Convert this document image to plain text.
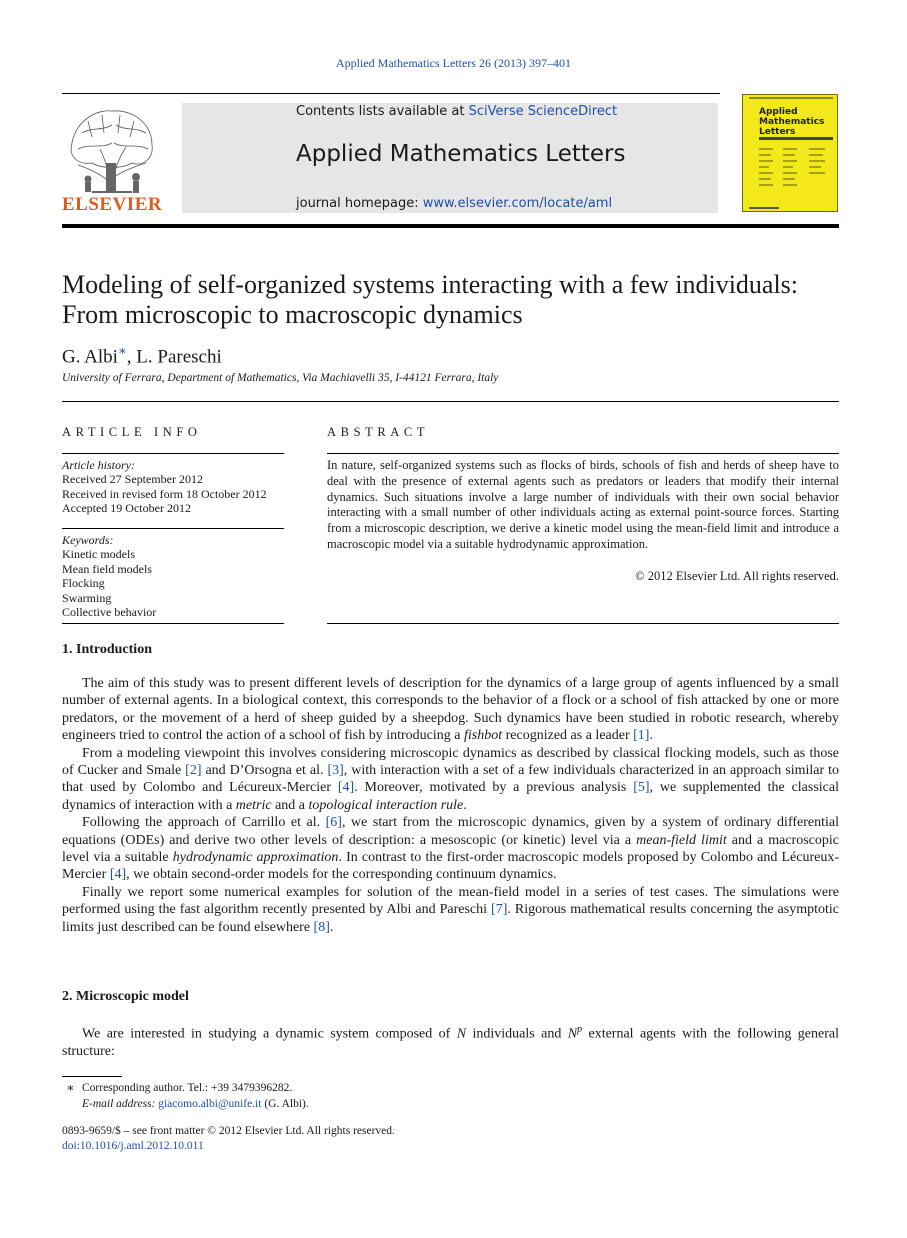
Applied Mathematics Letters 26 (2013) 397–401
ELSEVIER
Contents lists available at SciVerse ScienceDirect
Applied Mathematics Letters
journal homepage: www.elsevier.com/locate/aml
Applied Mathematics Letters
Modeling of self-organized systems interacting with a few individuals:
From microscopic to macroscopic dynamics
G. Albi∗, L. Pareschi
University of Ferrara, Department of Mathematics, Via Machiavelli 35, I-44121 Ferrara, Italy
ARTICLE INFO
Article history:
Received 27 September 2012
Received in revised form 18 October 2012
Accepted 19 October 2012
Keywords:
Kinetic models
Mean field models
Flocking
Swarming
Collective behavior
ABSTRACT
In nature, self-organized systems such as flocks of birds, schools of fish and herds of sheep have to deal with the presence of external agents such as predators or leaders that modify their internal dynamics. Such situations involve a large number of individuals with their own social behavior interacting with a small number of other individuals acting as external point-source forces. Starting from a microscopic description, we derive a kinetic model using the mean-field limit and introduce a macroscopic model via a suitable hydrodynamic approximation.
© 2012 Elsevier Ltd. All rights reserved.
1. Introduction

The aim of this study was to present different levels of description for the dynamics of a large group of agents influenced by a small number of external agents. In a biological context, this corresponds to the behavior of a flock or a school of fish attacked by one or more predators, or the movement of a herd of sheep guided by a sheepdog. Such dynamics have been studied in robotic research, whereby engineers tried to control the action of a school of fish by introducing a fishbot recognized as a leader [1].

From a modeling viewpoint this involves considering microscopic dynamics as described by classical flocking models, such as those of Cucker and Smale [2] and D’Orsogna et al. [3], with interaction with a set of a few individuals characterized in an approach similar to that used by Colombo and Lécureux-Mercier [4]. Moreover, motivated by a previous analysis [5], we supplemented the classical dynamics of interaction with a metric and a topological interaction rule.

Following the approach of Carrillo et al. [6], we start from the microscopic dynamics, given by a system of ordinary differential equations (ODEs) and derive two other levels of description: a mesoscopic (or kinetic) level via a mean-field limit and a macroscopic level via a suitable hydrodynamic approximation. In contrast to the first-order macroscopic models proposed by Colombo and Lécureux-Mercier [4], we obtain second-order models for the corresponding continuum dynamics.

Finally we report some numerical examples for solution of the mean-field model in a series of test cases. The simulations were performed using the fast algorithm recently presented by Albi and Pareschi [7]. Rigorous mathematical results concerning the asymptotic limits just described can be found elsewhere [8].

2. Microscopic model

We are interested in studying a dynamic system composed of N individuals and $N^p$ external agents with the following general structure:

∗ Corresponding author. Tel.: +39 3479396282.
E-mail address: giacomo.albi@unife.it (G. Albi).
0893-9659/$ – see front matter © 2012 Elsevier Ltd. All rights reserved.
doi:10.1016/j.aml.2012.10.011
